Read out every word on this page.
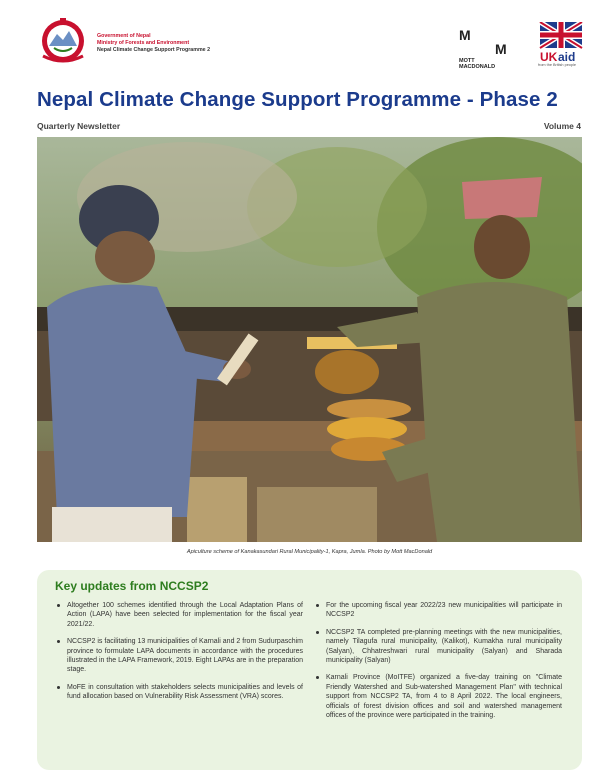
Government of Nepal
Ministry of Forests and Environment
Nepal Climate Change Support Programme 2
M
M
MOTT
MACDONALD
UK aid
from the British people
Nepal Climate Change Support Programme - Phase 2
Quarterly Newsletter	Volume 4
Apiculture scheme of Kanakasundari Rural Municipality-1, Kapra, Jumla. Photo by Mott MacDonald
Key updates from NCCSP2
Altogether 100 schemes identified through the Local Adaptation Plans of Action (LAPA) have been selected for implementation for the fiscal year 2021/22.
NCCSP2 is facilitating 13 municipalities of Karnali and 2 from Sudurpaschim province to formulate LAPA documents in accordance with the procedures illustrated in the LAPA Framework, 2019. Eight LAPAs are in the preparation stage.
MoFE in consultation with stakeholders selects municipalities and levels of fund allocation based on Vulnerability Risk Assessment (VRA) scores.
For the upcoming fiscal year 2022/23 new municipalities will participate in NCCSP2
NCCSP2 TA completed pre-planning meetings with the new municipalities, namely Tilagufa rural municipality, (Kalikot), Kumakha rural municipality (Salyan), Chhatreshwari rural municipality (Salyan) and Sharada municipality (Salyan)
Karnali Province (MoITFE) organized a five-day training on "Climate Friendly Watershed and Sub-watershed Management Plan" with technical support from NCCSP2 TA, from 4 to 8 April 2022. The local engineers, officials of forest division offices and soil and watershed management offices of the province were participated in the training.
